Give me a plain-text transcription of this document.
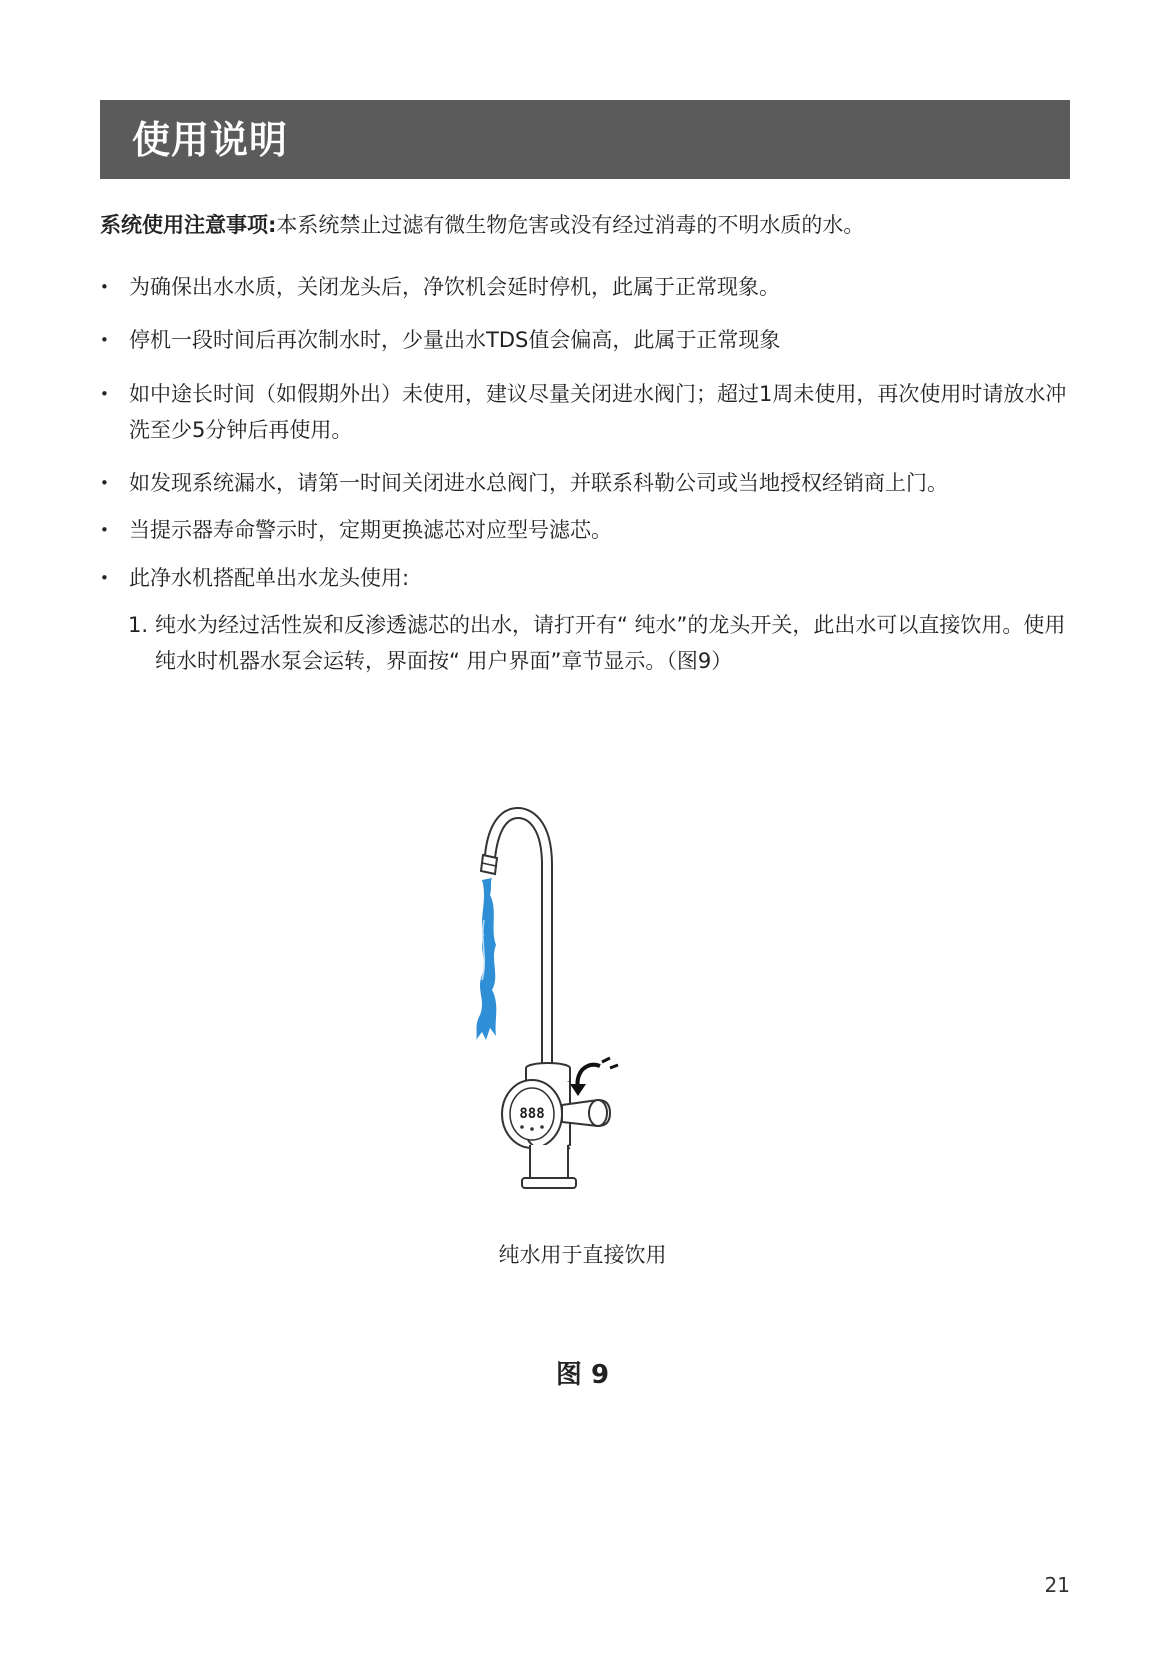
使用说明
系统使用注意事项:本系统禁止过滤有微生物危害或没有经过消毒的不明水质的水。
• 为确保出水水质，关闭龙头后，净饮机会延时停机，此属于正常现象。
• 停机一段时间后再次制水时，少量出水TDS值会偏高，此属于正常现象
• 如中途长时间（如假期外出）未使用，建议尽量关闭进水阀门；超过1周未使用，再次使用时请放水冲洗至少5分钟后再使用。
• 如发现系统漏水，请第一时间关闭进水总阀门，并联系科勒公司或当地授权经销商上门。
• 当提示器寿命警示时，定期更换滤芯对应型号滤芯。
• 此净水机搭配单出水龙头使用:
1. 纯水为经过活性炭和反渗透滤芯的出水，请打开有“ 纯水”的龙头开关，此出水可以直接饮用。使用纯水时机器水泵会运转，界面按“ 用户界面”章节显示。（图9）
888
纯水用于直接饮用
图 9
21
